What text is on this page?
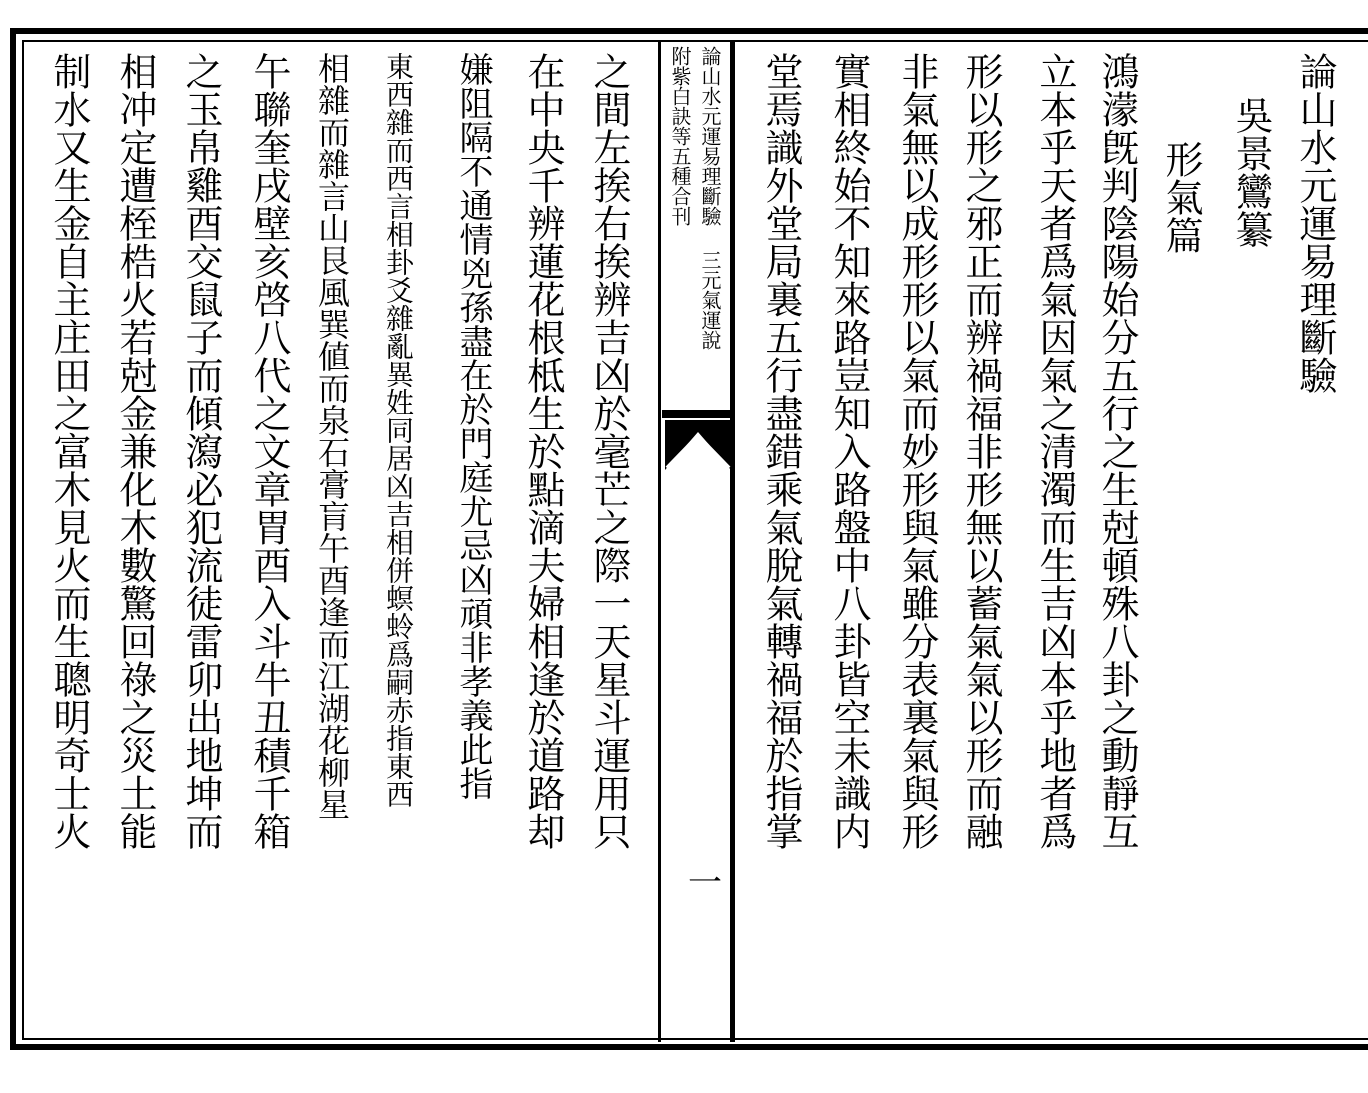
論山水元運易理斷驗
吳景鸞纂
形氣篇
鴻濛旣判陰陽始分五行之生尅頓殊八卦之動靜互
立本乎天者爲氣因氣之清濁而生吉凶本乎地者爲
形以形之邪正而辨禍福非形無以蓄氣氣以形而融
非氣無以成形形以氣而妙形與氣雖分表裏氣與形
實相終始不知來路豈知入路盤中八卦皆空未識内
堂焉識外堂局裏五行盡錯乘氣脫氣轉禍福於指掌
論山水元運易理斷驗 三元氣運說
附紫白訣等五種合刊
一
之間左挨右挨辨吉凶於毫芒之際一天星斗運用只
在中央千辨蓮花根柢生於點滴夫婦相逢於道路却
嫌阻隔不通情兇孫盡在於門庭尤忌凶頑非孝義此指
東西雜而西言相卦爻雜亂異姓同居凶吉相併螟蛉爲嗣赤指東西
相雜而雜言山艮風巽値而泉石膏肓午酉逢而江湖花柳星
午聯奎戌壁亥啓八代之文章胃酉入斗牛丑積千箱
之玉帛雞酉交鼠子而傾瀉必犯流徒雷卯出地坤而
相冲定遭桎梏火若尅金兼化木數驚回祿之災土能
制水又生金自主庄田之富木見火而生聰明奇士火
